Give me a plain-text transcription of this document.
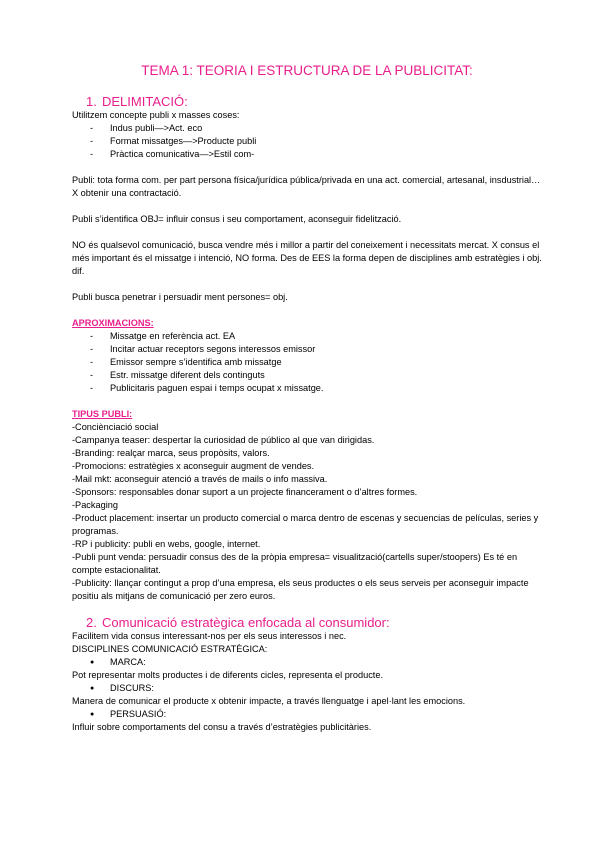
TEMA 1: TEORIA I ESTRUCTURA DE LA PUBLICITAT:
1. DELIMITACIÓ:

Utilitzem concepte publi x masses coses:

- Indus publi—>Act. eco
- Format missatges—>Producte publi
- Pràctica comunicativa—>Estil com-

Publi: tota forma com. per part persona física/jurídica pública/privada en una act. comercial, artesanal, insdustrial…X obtenir una contractació.

Publi s’identifica OBJ= influir consus i seu comportament, aconseguir fidelització.

NO és qualsevol comunicació, busca vendre més i millor a partir del coneixement i necessitats mercat. X consus el més important és el missatge i intenció, NO forma. Des de EES la forma depen de disciplines amb estratègies i obj. dif.

Publi busca penetrar i persuadir ment persones= obj.

APROXIMACIONS:

- Missatge en referència act. EA
- Incitar actuar receptors segons interessos emissor
- Emissor sempre s’identifica amb missatge
- Estr. missatge diferent dels continguts
- Publicitaris paguen espai i temps ocupat x missatge.

TIPUS PUBLI:

-Conciènciació social

-Campanya teaser: despertar la curiosidad de público al que van dirigidas.

-Branding: realçar marca, seus propòsits, valors.

-Promocions: estratègies x aconseguir augment de vendes.

-Mail mkt: aconseguir atenció a través de mails o info massiva.

-Sponsors: responsables donar suport a un projecte financerament o d’altres formes.

-Packaging

-Product placement: insertar un producto comercial o marca dentro de escenas y secuencias de películas, series y programas.

-RP i publicity: publi en webs, google, internet.

-Publi punt venda: persuadir consus des de la pròpia empresa= visualització(cartells super/stoopers) Es té en compte estacionalitat.

-Publicity: llançar contingut a prop d’una empresa, els seus productes o els seus serveis per aconseguir impacte positiu als mitjans de comunicació per zero euros.

2. Comunicació estratègica enfocada al consumidor:

Facilitem vida consus interessant-nos per els seus interessos i nec.

DISCIPLINES COMUNICACIÓ ESTRATÈGICA:

● MARCA:

Pot representar molts productes i de diferents cicles, representa el producte.

● DISCURS:

Manera de comunicar el producte x obtenir impacte, a través llenguatge i apel·lant les emocions.

● PERSUASIÓ:

Influir sobre comportaments del consu a través d’estratègies publicitàries.
